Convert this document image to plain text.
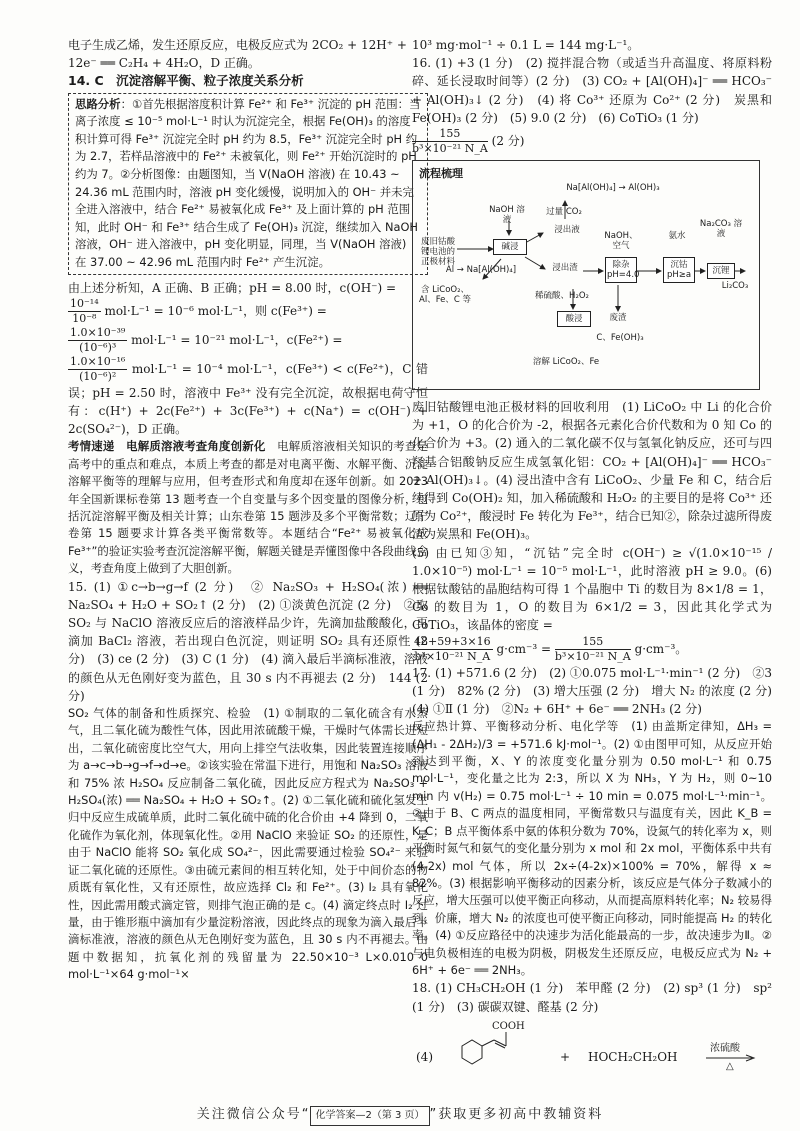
电子生成乙烯，发生还原反应，电极反应式为 2CO₂ + 12H⁺ +

12e⁻ ══ C₂H₄ + 4H₂O，D 正确。

14. C　沉淀溶解平衡、粒子浓度关系分析

思路分析：①首先根据溶度积计算 Fe²⁺ 和 Fe³⁺ 沉淀的 pH 范围：当离子浓度 ≤ 10⁻⁵ mol·L⁻¹ 时认为沉淀完全，根据 Fe(OH)₃ 的溶度积计算可得 Fe³⁺ 沉淀完全时 pH 约为 8.5，Fe³⁺ 沉淀完全时 pH 约为 2.7，若样品溶液中的 Fe²⁺ 未被氧化，则 Fe²⁺ 开始沉淀时的 pH 约为 7。②分析图像：由题图知，当 V(NaOH 溶液) 在 10.43 ~ 24.36 mL 范围内时，溶液 pH 变化缓慢，说明加入的 OH⁻ 并未完全进入溶液中，结合 Fe²⁺ 易被氧化成 Fe³⁺ 及上面计算的 pH 范围知，此时 OH⁻ 和 Fe³⁺ 结合生成了 Fe(OH)₃ 沉淀，继续加入 NaOH 溶液，OH⁻ 进入溶液中，pH 变化明显，同理，当 V(NaOH 溶液) 在 37.00 ~ 42.96 mL 范围内时 Fe²⁺ 产生沉淀。

由上述分析知，A 正确、B 正确；pH = 8.00 时，c(OH⁻) =

$\frac{\text{10⁻¹⁴}}{\text{10⁻⁸}} mol\cdot L^{-1} = 10^{-6}$ mol·L⁻¹，则 c(Fe³⁺) =

$\frac{\text{1.0×10⁻³⁹}}{\text{(10⁻⁶)³}} mol\cdot L^{-1} = 10^{-21}$ mol·L⁻¹，c(Fe²⁺) =

$\frac{\text{1.0×10⁻¹⁶}}{\text{(10⁻⁶)²}} mol\cdot L^{-1} = 10^{-4}$ mol·L⁻¹，c(Fe³⁺) < c(Fe²⁺)，C 错误；pH = 2.50 时，溶液中 Fe³⁺ 没有完全沉淀，故根据电荷守恒有：c(H⁺) + 2c(Fe²⁺) + 3c(Fe³⁺) + c(Na⁺) = c(OH⁻) + 2c(SO₄²⁻)，D 正确。

考情速递　电解质溶液考查角度创新化　 电解质溶液相关知识的考查是高考中的重点和难点，本质上考查的都是对电离平衡、水解平衡、沉淀溶解平衡等的理解与应用，但考查形式和角度却在逐年创新。如 2023 年全国新课标卷第 13 题考查一个自变量与多个因变量的图像分析，包括沉淀溶解平衡及相关计算；山东卷第 15 题涉及多个平衡常数；辽宁卷第 15 题要求计算各类平衡常数等。本题结合“Fe²⁺ 易被氧化成 Fe³⁺”的验证实验考查沉淀溶解平衡，解题关键是弄懂图像中各段曲线含义，考查角度上做到了大胆创新。

15. (1) ①c→b→g→f (2 分)　② Na₂SO₃ + H₂SO₄(浓) ══ Na₂SO₄ + H₂O + SO₂↑ (2 分)　(2) ①淡黄色沉淀 (2 分)　②取 SO₂ 与 NaClO 溶液反应后的溶液样品少许，先滴加盐酸酸化，再滴加 BaCl₂ 溶液，若出现白色沉淀，则证明 SO₂ 具有还原性 (2 分)　(3) ce (2 分)　(3) C (1 分)　(4) 滴入最后半滴标准液，溶液的颜色从无色刚好变为蓝色，且 30 s 内不再褪去 (2 分)　144 (2 分)

SO₂ 气体的制备和性质探究、检验　(1) ①制取的二氧化硫含有水蒸气，且二氧化硫为酸性气体，因此用浓硫酸干燥，干燥时气体需长进短出，二氧化硫密度比空气大，用向上排空气法收集，因此装置连接顺序为 a→c→b→g→f→d→e。②该实验在常温下进行，用饱和 Na₂SO₃ 溶液和 75% 浓 H₂SO₄ 反应制备二氧化硫，因此反应方程式为 Na₂SO₃ + H₂SO₄(浓) ══ Na₂SO₄ + H₂O + SO₂↑。(2) ①二氧化硫和硫化氢发生归中反应生成硫单质，此时二氧化硫中硫的化合价由 +4 降到 0，二氧化硫作为氧化剂，体现氧化性。②用 NaClO 来验证 SO₂ 的还原性，是由于 NaClO 能将 SO₂ 氧化成 SO₄²⁻，因此需要通过检验 SO₄²⁻ 来验证二氧化硫的还原性。③由硫元素间的相互转化知，处于中间价态的物质既有氧化性，又有还原性，故应选择 Cl₂ 和 Fe²⁺。(3) I₂ 具有氧化性，因此需用酸式滴定管，则排气泡正确的是 c。(4) 滴定终点时 I₂ 过量，由于锥形瓶中滴加有少量淀粉溶液，因此终点的现象为滴入最后半滴标准液，溶液的颜色从无色刚好变为蓝色，且 30 s 内不再褪去。由题中数据知，抗氧化剂的残留量为 22.50×10⁻³ L×0.010 0 mol·L⁻¹×64 g·mol⁻¹×

10³ mg·mol⁻¹ ÷ 0.1 L = 144 mg·L⁻¹。

16. (1) +3 (1 分)　(2) 搅拌混合物（或适当升高温度、将原料粉碎、延长浸取时间等）(2 分)　(3) CO₂ + [Al(OH)₄]⁻ ══ HCO₃⁻ + Al(OH)₃↓ (2 分)　(4) 将 Co³⁺ 还原为 Co²⁺ (2 分)　炭黑和 Fe(OH)₃ (2 分)　(5) 9.0 (2 分)　(6) CoTiO₃ (1 分)

$\frac{155}{\text{b³×10⁻²¹ N\_A}} (2$ 分)

流程梳理
Na[Al(OH)₄] → Al(OH)₃
NaOH 溶液
过量 CO₂
浸出液
废旧钴酸锂电池的正极材料
碱浸
含 LiCoO₂、Al、Fe、C 等
Al → Na[Al(OH)₄]	浸出渣
稀硫酸、H₂O₂
酸浸
溶解 LiCoO₂、Fe
NaOH、空气
除杂
pH=4.0
废渣
C、Fe(OH)₃
氨水
沉钴
pH≥a
Na₂CO₃ 溶液
沉锂
Li₂CO₃

废旧钴酸锂电池正极材料的回收利用　(1) LiCoO₂ 中 Li 的化合价为 +1，O 的化合价为 -2，根据各元素化合价代数和为 0 知 Co 的化合价为 +3。(2) 通入的二氧化碳不仅与氢氧化钠反应，还可与四羟基合铝酸钠反应生成氢氧化铝：CO₂ + [Al(OH)₄]⁻ ══ HCO₃⁻ + Al(OH)₃↓。(4) 浸出渣中含有 LiCoO₂、少量 Fe 和 C，结合后续得到 Co(OH)₂ 知，加入稀硫酸和 H₂O₂ 的主要目的是将 Co³⁺ 还原为 Co²⁺，酸浸时 Fe 转化为 Fe³⁺，结合已知②，除杂过滤所得废渣为炭黑和 Fe(OH)₃。

(5) 由已知③知，“沉钴”完全时 c(OH⁻) ≥ √(1.0×10⁻¹⁵ / 1.0×10⁻⁵) mol·L⁻¹ = 10⁻⁵ mol·L⁻¹，此时溶液 pH ≥ 9.0。(6) 根据钛酸钴的晶胞结构可得 1 个晶胞中 Ti 的数目为 8×1/8 = 1，Co 的数目为 1，O 的数目为 6×1/2 = 3，因此其化学式为 CoTiO₃，该晶体的密度 =

$\frac{48+59+3\times 16}{\text{b³×10⁻²¹ N\_A}} g\cdot cm^{-3} = \frac{155}{\text{b³×10⁻²¹ N\_A}} g\cdot cm^{-3}$。

17. (1) +571.6 (2 分)　(2) ①0.075 mol·L⁻¹·min⁻¹ (2 分)　②3 (1 分)　82% (2 分)　(3) 增大压强 (2 分)　增大 N₂ 的浓度 (2 分)　(4) ①Ⅱ (1 分)　②N₂ + 6H⁺ + 6e⁻ ══ 2NH₃ (2 分)

反应热计算、平衡移动分析、电化学等　(1) 由盖斯定律知，ΔH₃ = (ΔH₁ - 2ΔH₂)/3 = +571.6 kJ·mol⁻¹。(2) ①由图甲可知，从反应开始到达到平衡，X、Y 的浓度变化量分别为 0.50 mol·L⁻¹ 和 0.75 mol·L⁻¹，变化量之比为 2:3，所以 X 为 NH₃，Y 为 H₂，则 0~10 min 内 v(H₂) = 0.75 mol·L⁻¹ ÷ 10 min = 0.075 mol·L⁻¹·min⁻¹。②由于 B、C 两点的温度相同，平衡常数只与温度有关，因此 K_B = K_C；B 点平衡体系中氨的体积分数为 70%，设氮气的转化率为 x，则平衡时氮气和氨气的变化量分别为 x mol 和 2x mol，平衡体系中共有 (4-2x) mol 气体，所以 2x÷(4-2x)×100% = 70%，解得 x ≈ 82%。(3) 根据影响平衡移动的因素分析，该反应是气体分子数减小的反应，增大压强可以使平衡正向移动，从而提高原料转化率；N₂ 较易得到，价廉，增大 N₂ 的浓度也可使平衡正向移动，同时能提高 H₂ 的转化率。(4) ①反应路径中的决速步为活化能最高的一步，故决速步为Ⅱ。②与电负极相连的电极为阴极，阴极发生还原反应，电极反应式为 N₂ + 6H⁺ + 6e⁻ ══ 2NH₃。

18. (1) CH₃CH₂OH (1 分)　苯甲醛 (2 分)　(2) sp³ (1 分)　sp² (1 分)　(3) 碳碳双键、醛基 (2 分)

(4)
COOH
+ HOCH₂CH₂OH
浓硫酸
△
关注微信公众号“ 化学答案—2（第 3 页） ”获取更多初高中教辅资料
